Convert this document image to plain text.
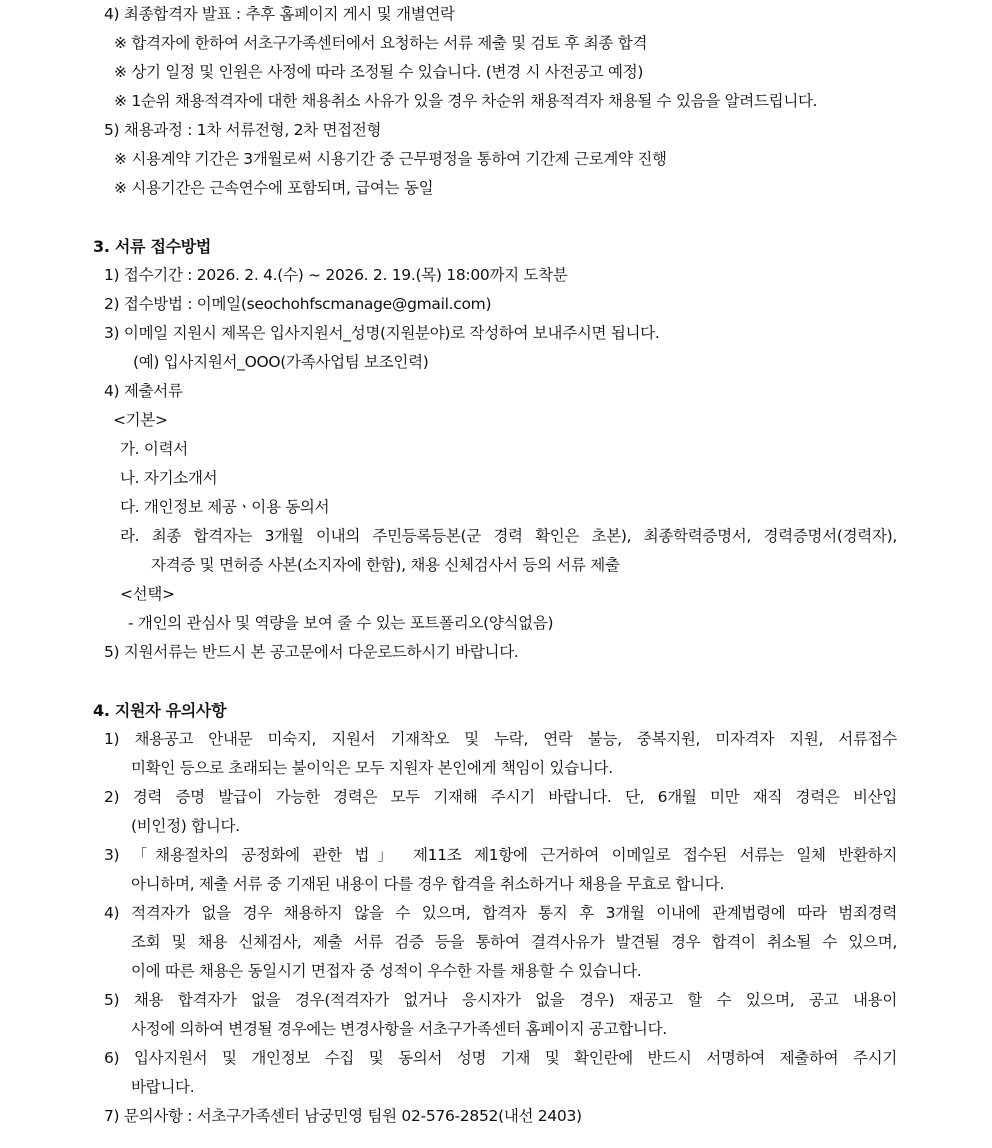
4) 최종합격자 발표 : 추후 홈페이지 게시 및 개별연락
※ 합격자에 한하여 서초구가족센터에서 요청하는 서류 제출 및 검토 후 최종 합격
※ 상기 일정 및 인원은 사정에 따라 조정될 수 있습니다. (변경 시 사전공고 예정)
※ 1순위 채용적격자에 대한 채용취소 사유가 있을 경우 차순위 채용적격자 채용될 수 있음을 알려드립니다.
5) 채용과정 : 1차 서류전형, 2차 면접전형
※ 시용계약 기간은 3개월로써 시용기간 중 근무평정을 통하여 기간제 근로계약 진행
※ 시용기간은 근속연수에 포함되며, 급여는 동일
3. 서류 접수방법
1) 접수기간 : 2026. 2. 4.(수) ~ 2026. 2. 19.(목) 18:00까지 도착분
2) 접수방법 : 이메일(seochohfscmanage@gmail.com)
3) 이메일 지원시 제목은 입사지원서_성명(지원분야)로 작성하여 보내주시면 됩니다.
(예) 입사지원서_OOO(가족사업팀 보조인력)
4) 제출서류
<기본>
가. 이력서
나. 자기소개서
다. 개인정보 제공ㆍ이용 동의서
라. 최종 합격자는 3개월 이내의 주민등록등본(군 경력 확인은 초본), 최종학력증명서, 경력증명서(경력자),
자격증 및 면허증 사본(소지자에 한함), 채용 신체검사서 등의 서류 제출
<선택>
- 개인의 관심사 및 역량을 보여 줄 수 있는 포트폴리오(양식없음)
5) 지원서류는 반드시 본 공고문에서 다운로드하시기 바랍니다.
4. 지원자 유의사항
1) 채용공고 안내문 미숙지, 지원서 기재착오 및 누락, 연락 불능, 중복지원, 미자격자 지원, 서류접수
미확인 등으로 초래되는 불이익은 모두 지원자 본인에게 책임이 있습니다.
2) 경력 증명 발급이 가능한 경력은 모두 기재해 주시기 바랍니다. 단, 6개월 미만 재직 경력은 비산입
(비인정) 합니다.
3) 「채용절차의 공정화에 관한 법」 제11조 제1항에 근거하여 이메일로 접수된 서류는 일체 반환하지
아니하며, 제출 서류 중 기재된 내용이 다를 경우 합격을 취소하거나 채용을 무효로 합니다.
4) 적격자가 없을 경우 채용하지 않을 수 있으며, 합격자 통지 후 3개월 이내에 관계법령에 따라 범죄경력
조회 및 채용 신체검사, 제출 서류 검증 등을 통하여 결격사유가 발견될 경우 합격이 취소될 수 있으며,
이에 따른 채용은 동일시기 면접자 중 성적이 우수한 자를 채용할 수 있습니다.
5) 채용 합격자가 없을 경우(적격자가 없거나 응시자가 없을 경우) 재공고 할 수 있으며, 공고 내용이
사정에 의하여 변경될 경우에는 변경사항을 서초구가족센터 홈페이지 공고합니다.
6) 입사지원서 및 개인정보 수집 및 동의서 성명 기재 및 확인란에 반드시 서명하여 제출하여 주시기
바랍니다.
7) 문의사항 : 서초구가족센터 남궁민영 팀원 02-576-2852(내선 2403)
